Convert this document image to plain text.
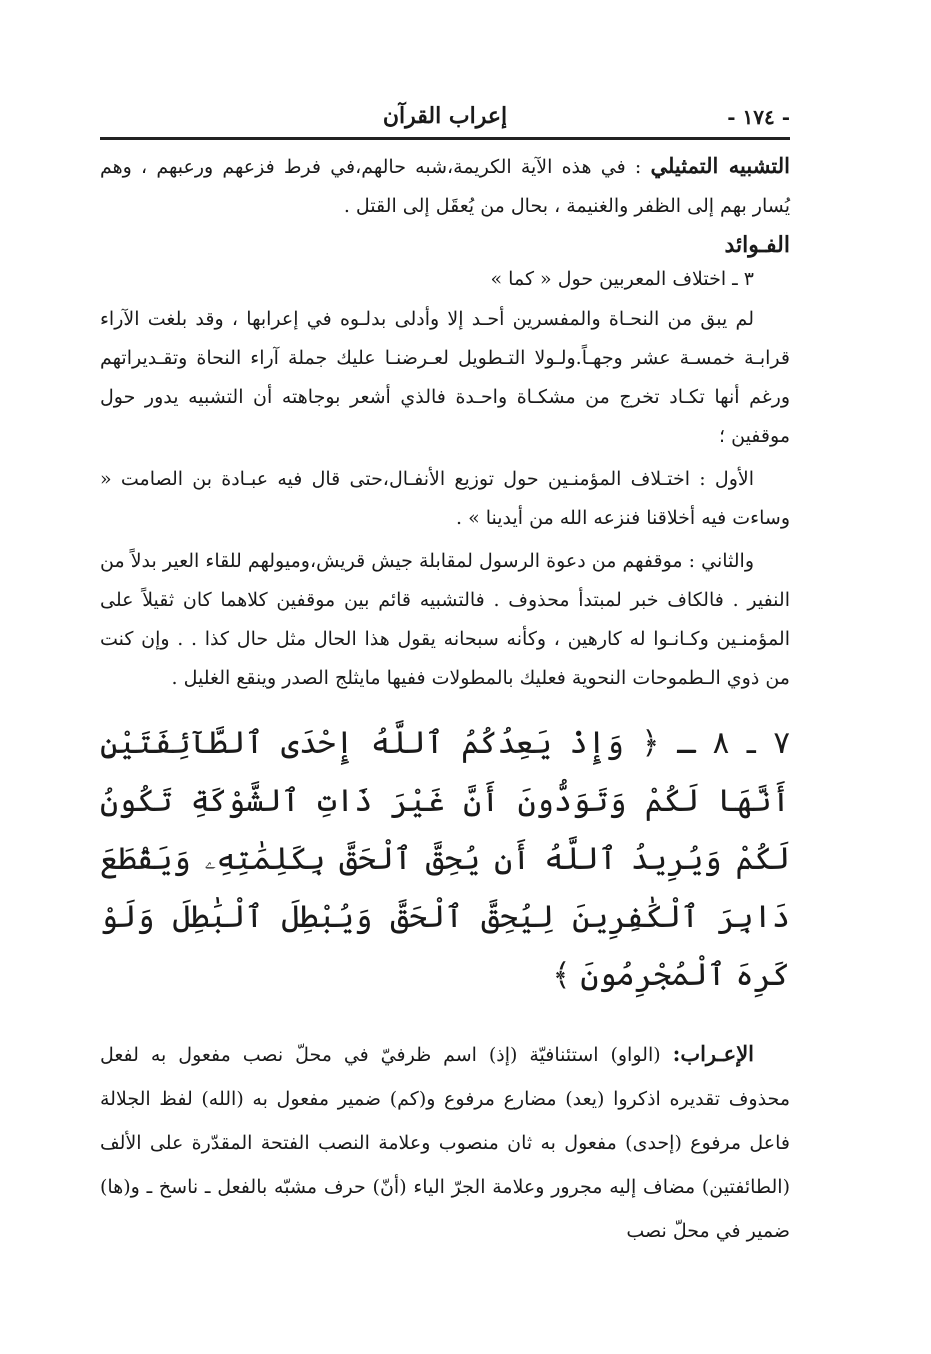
إعراب القرآن	- ١٧٤ -

التشبيه التمثيلي : في هذه الآية الكريمة،شبه حالهم،في فرط فزعهم ورعبهم ، وهم يُسار بهم إلى الظفر والغنيمة ، بحال من يُعقَل إلى القتل .

الفـوائد
٣ ـ اختلاف المعربين حول « كما »

لم يبق من النحـاة والمفسرين أحـد إلا وأدلى بدلـوه في إعرابها ، وقد بلغت الآراء قرابـة خمسـة عشر وجهـاً.ولـولا التـطويل لعـرضنـا عليك جملة آراء النحاة وتقـديراتهم ورغم أنها تكـاد تخرج من مشكـاة واحـدة فالذي أشعر بوجاهته أن التشبيه يدور حول موقفين ؛

الأول : اختـلاف المؤمنـين حول توزيع الأنفـال،حتى قال فيه عبـادة بن الصامت « وساءت فيه أخلاقنا فنزعه الله من أيدينا » .

والثاني : موقفهم من دعوة الرسول لمقابلة جيش قريش،وميولهم للقاء العير بدلاً من النفير . فالكاف خبر لمبتدأ محذوف . فالتشبيه قائم بين موقفين كلاهما كان ثقيلاً على المؤمنـين وكـانـوا له كارهين ، وكأنه سبحانه يقول هذا الحال مثل حال كذا . . وإن كنت من ذوي الـطموحات النحوية فعليك بالمطولات ففيها مايثلج الصدر وينقع الغليل .

٧ ـ ٨ ـ ﴿ وَإِذْ يَعِدُكُمُ ٱللَّهُ إِحْدَى ٱلطَّآئِفَتَيْنِ أَنَّهَا لَكُمْ وَتَوَدُّونَ أَنَّ غَيْرَ ذَاتِ ٱلشَّوْكَةِ تَكُونُ لَكُمْ وَيُرِيدُ ٱللَّهُ أَن يُحِقَّ ٱلْحَقَّ بِكَلِمَٰتِهِۦ وَيَقْطَعَ دَابِرَ ٱلْكَٰفِرِينَ لِيُحِقَّ ٱلْحَقَّ وَيُبْطِلَ ٱلْبَٰطِلَ وَلَوْ كَرِهَ ٱلْمُجْرِمُونَ ﴾

الإعـراب: (الواو) استئنافيّة (إذ) اسم ظرفيّ في محلّ نصب مفعول به لفعل محذوف تقديره اذكروا (يعد) مضارع مرفوع و(كم) ضمير مفعول به (الله) لفظ الجلالة فاعل مرفوع (إحدى) مفعول به ثان منصوب وعلامة النصب الفتحة المقدّرة على الألف (الطائفتين) مضاف إليه مجرور وعلامة الجرّ الياء (أنّ) حرف مشبّه بالفعل ـ ناسخ ـ و(ها) ضمير في محلّ نصب
